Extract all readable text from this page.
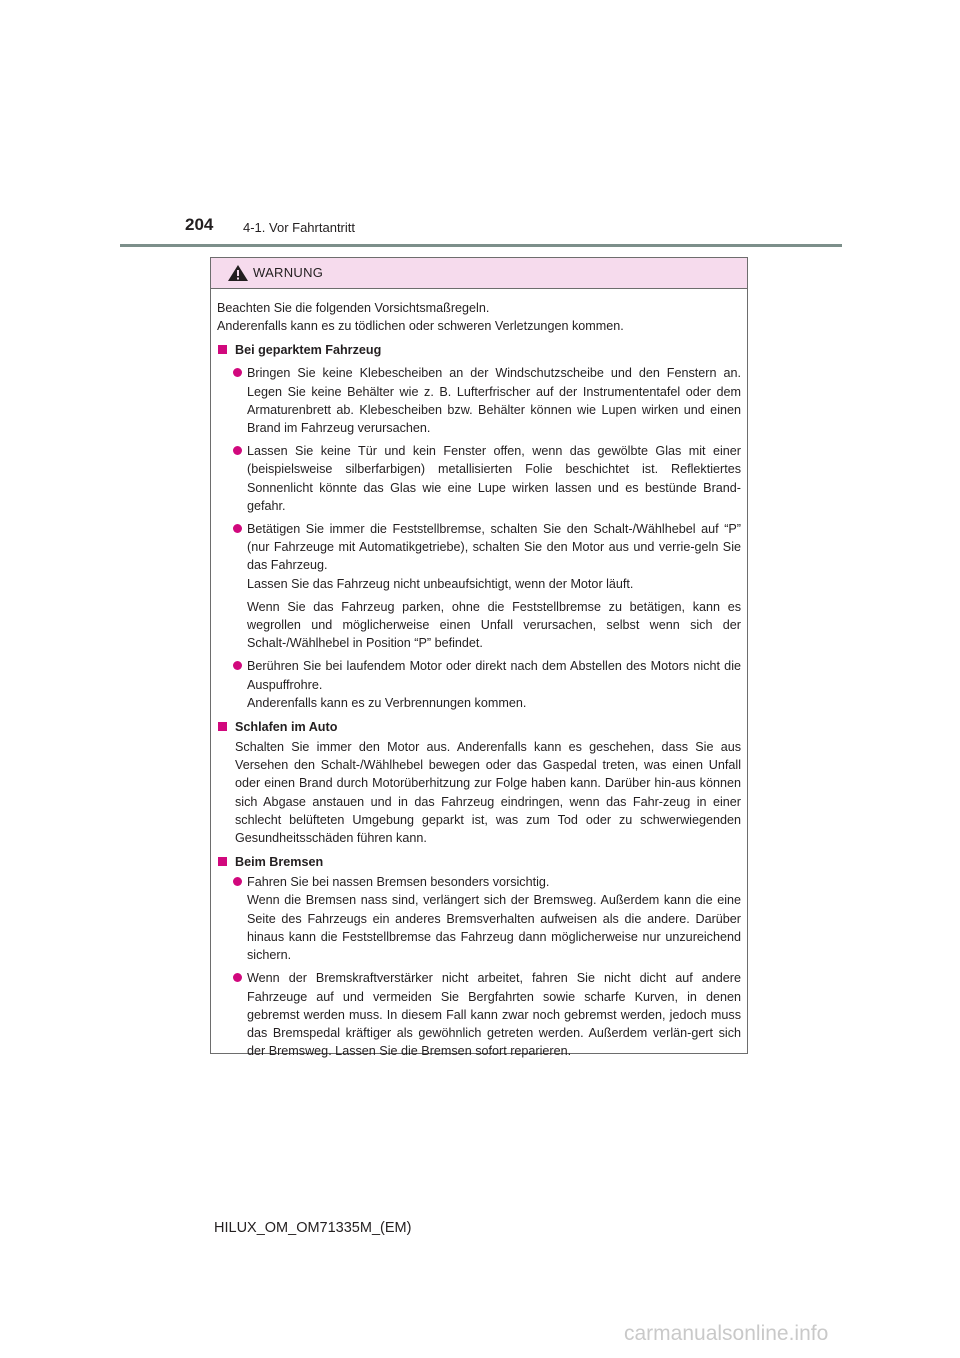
204 4-1. Vor Fahrtantritt
WARNUNG

Beachten Sie die folgenden Vorsichtsmaßregeln.

Anderenfalls kann es zu tödlichen oder schweren Verletzungen kommen.

Bei geparktem Fahrzeug

Bringen Sie keine Klebescheiben an der Windschutzscheibe und den Fenstern an. Legen Sie keine Behälter wie z. B. Lufterfrischer auf der Instrumententafel oder dem Armaturenbrett ab. Klebescheiben bzw. Behälter können wie Lupen wirken und einen Brand im Fahrzeug verursachen.

Lassen Sie keine Tür und kein Fenster offen, wenn das gewölbte Glas mit einer (beispielsweise silberfarbigen) metallisierten Folie beschichtet ist. Reflektiertes Sonnenlicht könnte das Glas wie eine Lupe wirken lassen und es bestünde Brand-gefahr.

Betätigen Sie immer die Feststellbremse, schalten Sie den Schalt-/Wählhebel auf “P” (nur Fahrzeuge mit Automatikgetriebe), schalten Sie den Motor aus und verrie-geln Sie das Fahrzeug.

Lassen Sie das Fahrzeug nicht unbeaufsichtigt, wenn der Motor läuft.

Wenn Sie das Fahrzeug parken, ohne die Feststellbremse zu betätigen, kann es wegrollen und möglicherweise einen Unfall verursachen, selbst wenn sich der Schalt-/Wählhebel in Position “P” befindet.

Berühren Sie bei laufendem Motor oder direkt nach dem Abstellen des Motors nicht die Auspuffrohre.

Anderenfalls kann es zu Verbrennungen kommen.

Schlafen im Auto

Schalten Sie immer den Motor aus. Anderenfalls kann es geschehen, dass Sie aus Versehen den Schalt-/Wählhebel bewegen oder das Gaspedal treten, was einen Unfall oder einen Brand durch Motorüberhitzung zur Folge haben kann. Darüber hin-aus können sich Abgase anstauen und in das Fahrzeug eindringen, wenn das Fahr-zeug in einer schlecht belüfteten Umgebung geparkt ist, was zum Tod oder zu schwerwiegenden Gesundheitsschäden führen kann.

Beim Bremsen

Fahren Sie bei nassen Bremsen besonders vorsichtig.

Wenn die Bremsen nass sind, verlängert sich der Bremsweg. Außerdem kann die eine Seite des Fahrzeugs ein anderes Bremsverhalten aufweisen als die andere. Darüber hinaus kann die Feststellbremse das Fahrzeug dann möglicherweise nur unzureichend sichern.

Wenn der Bremskraftverstärker nicht arbeitet, fahren Sie nicht dicht auf andere Fahrzeuge auf und vermeiden Sie Bergfahrten sowie scharfe Kurven, in denen gebremst werden muss. In diesem Fall kann zwar noch gebremst werden, jedoch muss das Bremspedal kräftiger als gewöhnlich getreten werden. Außerdem verlän-gert sich der Bremsweg. Lassen Sie die Bremsen sofort reparieren.

HILUX_OM_OM71335M_(EM)
carmanualsonline.info
